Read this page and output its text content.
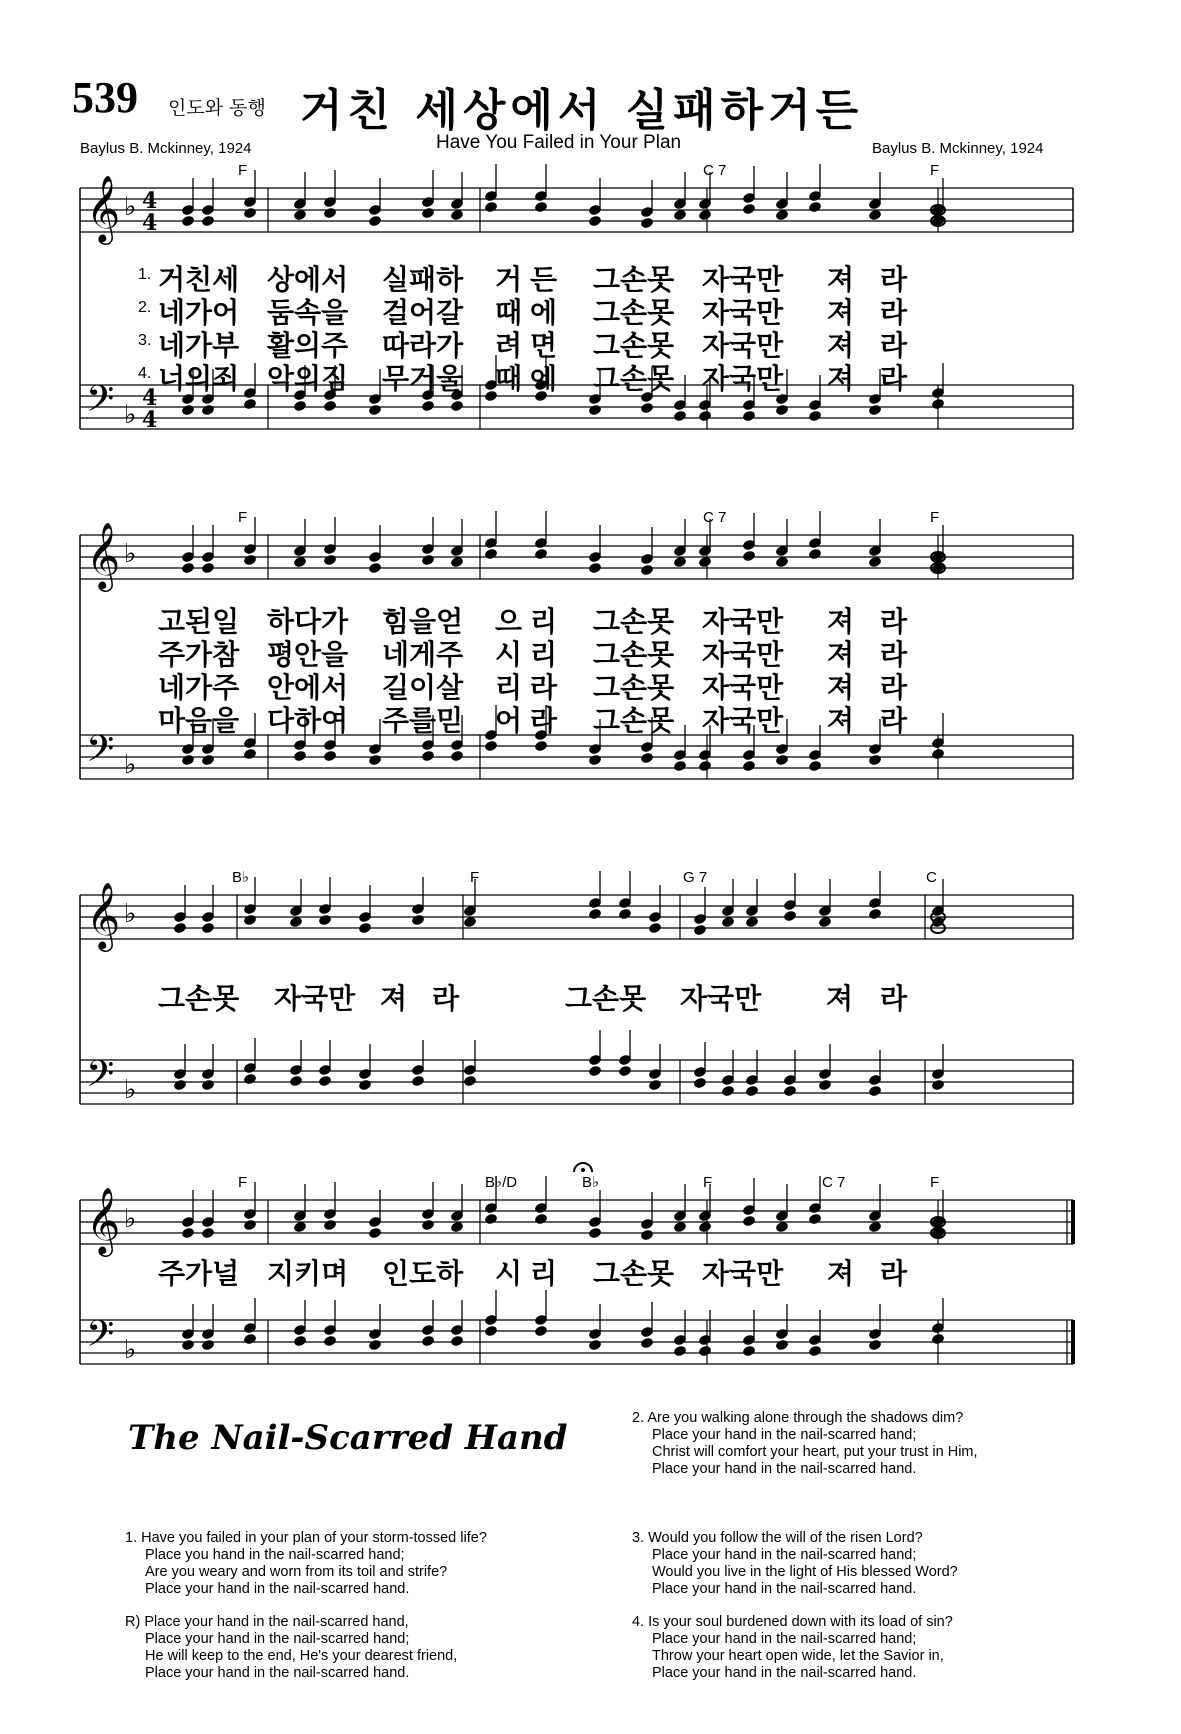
539 인도와 동행 거친 세상에서 실패하거든
Baylus B. Mckinney, 1924	Have You Failed in Your Plan	Baylus B. Mckinney, 1924
𝄞
𝄢
♭
♭
4
4
4
4
F	C 7	F
𝄞
𝄢
♭
♭
F	C 7	F
𝄞
𝄢
♭
♭
B♭	F	G 7	C
𝄞
𝄢
♭
♭
F	B♭/D	B♭	F	C 7	F
거친세 상에서 실패하 거 든 그손못 자국만 져 라
1.
네가어 둠속을 걸어갈 때 에 그손못 자국만 져 라
2.
네가부 활의주 따라가 려 면 그손못 자국만 져 라
3.
너의죄 악의짐 무거울 때 에 그손못 자국만 져 라
4.
고된일 하다가 힘을얻 으 리 그손못 자국만 져 라
주가참 평안을 네게주 시 리 그손못 자국만 져 라
네가주 안에서 길이살 리 라 그손못 자국만 져 라
마음을 다하여 주를믿 어 라 그손못 자국만 져 라
그손못 자국만 져 라	그손못 자국만 져 라
주가널 지키며 인도하 시 리 그손못 자국만 져 라
The Nail-Scarred Hand
1. Have you failed in your plan of your storm-tossed life?
Place you hand in the nail-scarred hand;
Are you weary and worn from its toil and strife?
Place your hand in the nail-scarred hand.
R) Place your hand in the nail-scarred hand,
Place your hand in the nail-scarred hand;
He will keep to the end, He's your dearest friend,
Place your hand in the nail-scarred hand.
2. Are you walking alone through the shadows dim?
Place your hand in the nail-scarred hand;
Christ will comfort your heart, put your trust in Him,
Place your hand in the nail-scarred hand.
3. Would you follow the will of the risen Lord?
Place your hand in the nail-scarred hand;
Would you live in the light of His blessed Word?
Place your hand in the nail-scarred hand.
4. Is your soul burdened down with its load of sin?
Place your hand in the nail-scarred hand;
Throw your heart open wide, let the Savior in,
Place your hand in the nail-scarred hand.
